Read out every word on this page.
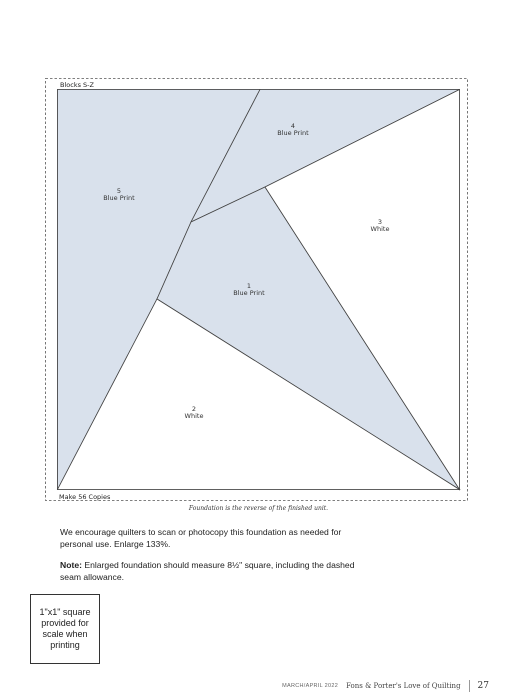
Blocks S-Z
Make 56 Copies
1
Blue Print
2
White
3
White
4
Blue Print
5
Blue Print
Foundation is the reverse of the finished unit.
We encourage quilters to scan or photocopy this foundation as needed for personal use. Enlarge 133%.
Note: Enlarged foundation should measure 8½" square, including the dashed seam allowance.
1"x1" square provided for scale when printing
MARCH/APRIL 2022 Fons & Porter's Love of Quilting 27
